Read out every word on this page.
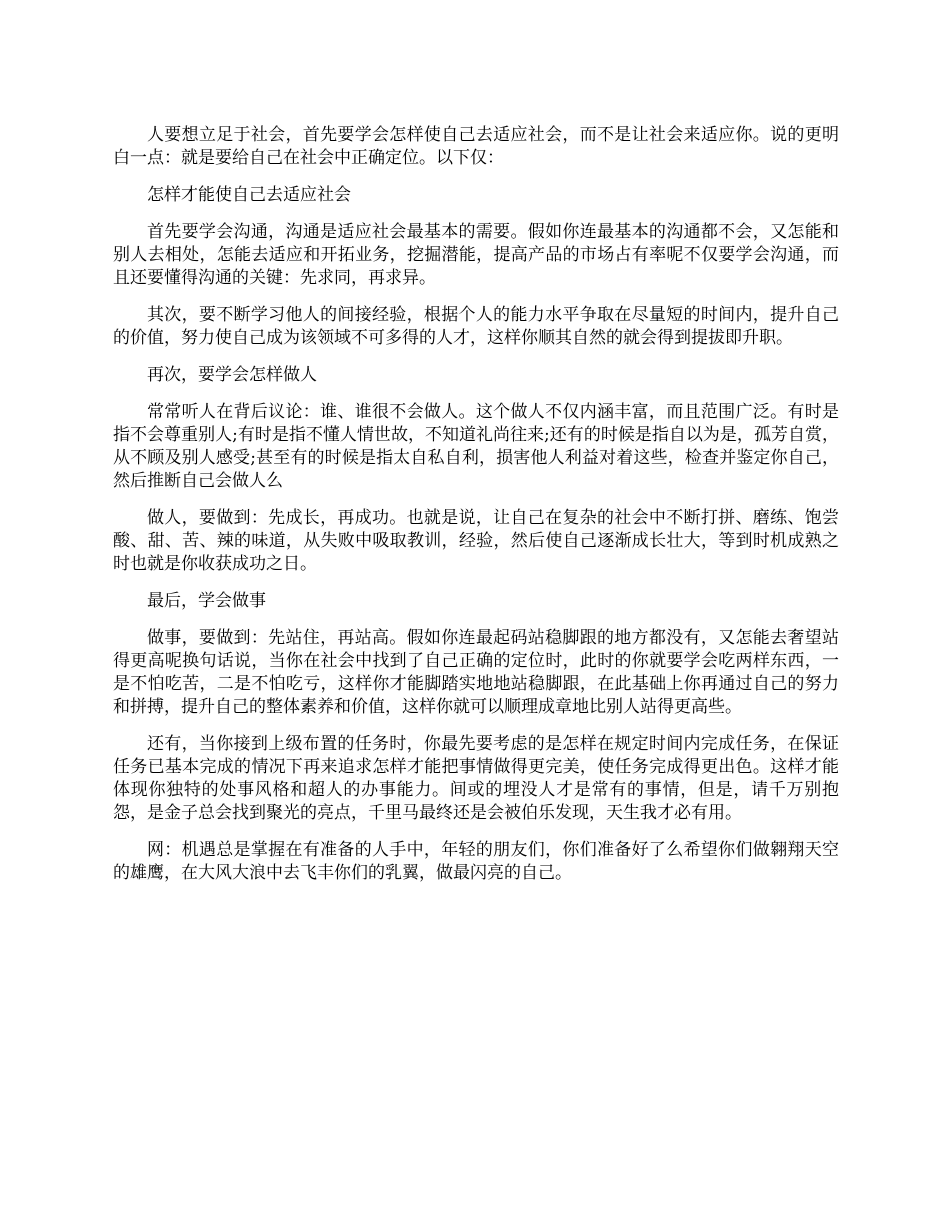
人要想立足于社会，首先要学会怎样使自己去适应社会，而不是让社会来适应你。说的更明白一点：就是要给自己在社会中正确定位。以下仅：

怎样才能使自己去适应社会

首先要学会沟通，沟通是适应社会最基本的需要。假如你连最基本的沟通都不会，又怎能和别人去相处，怎能去适应和开拓业务，挖掘潜能，提高产品的市场占有率呢不仅要学会沟通，而且还要懂得沟通的关键：先求同，再求异。

其次，要不断学习他人的间接经验，根据个人的能力水平争取在尽量短的时间内，提升自己的价值，努力使自己成为该领域不可多得的人才，这样你顺其自然的就会得到提拔即升职。

再次，要学会怎样做人

常常听人在背后议论：谁、谁很不会做人。这个做人不仅内涵丰富，而且范围广泛。有时是指不会尊重别人;有时是指不懂人情世故，不知道礼尚往来;还有的时候是指自以为是，孤芳自赏，从不顾及别人感受;甚至有的时候是指太自私自利，损害他人利益对着这些，检查并鉴定你自己，然后推断自己会做人么

做人，要做到：先成长，再成功。也就是说，让自己在复杂的社会中不断打拼、磨练、饱尝酸、甜、苦、辣的味道，从失败中吸取教训，经验，然后使自己逐渐成长壮大，等到时机成熟之时也就是你收获成功之日。

最后，学会做事

做事，要做到：先站住，再站高。假如你连最起码站稳脚跟的地方都没有，又怎能去奢望站得更高呢换句话说，当你在社会中找到了自己正确的定位时，此时的你就要学会吃两样东西，一是不怕吃苦，二是不怕吃亏，这样你才能脚踏实地地站稳脚跟，在此基础上你再通过自己的努力和拼搏，提升自己的整体素养和价值，这样你就可以顺理成章地比别人站得更高些。

还有，当你接到上级布置的任务时，你最先要考虑的是怎样在规定时间内完成任务，在保证任务已基本完成的情况下再来追求怎样才能把事情做得更完美，使任务完成得更出色。这样才能体现你独特的处事风格和超人的办事能力。间或的埋没人才是常有的事情，但是，请千万别抱怨，是金子总会找到聚光的亮点，千里马最终还是会被伯乐发现，天生我才必有用。

网：机遇总是掌握在有准备的人手中，年轻的朋友们，你们准备好了么希望你们做翱翔天空的雄鹰，在大风大浪中去飞丰你们的乳翼，做最闪亮的自己。
